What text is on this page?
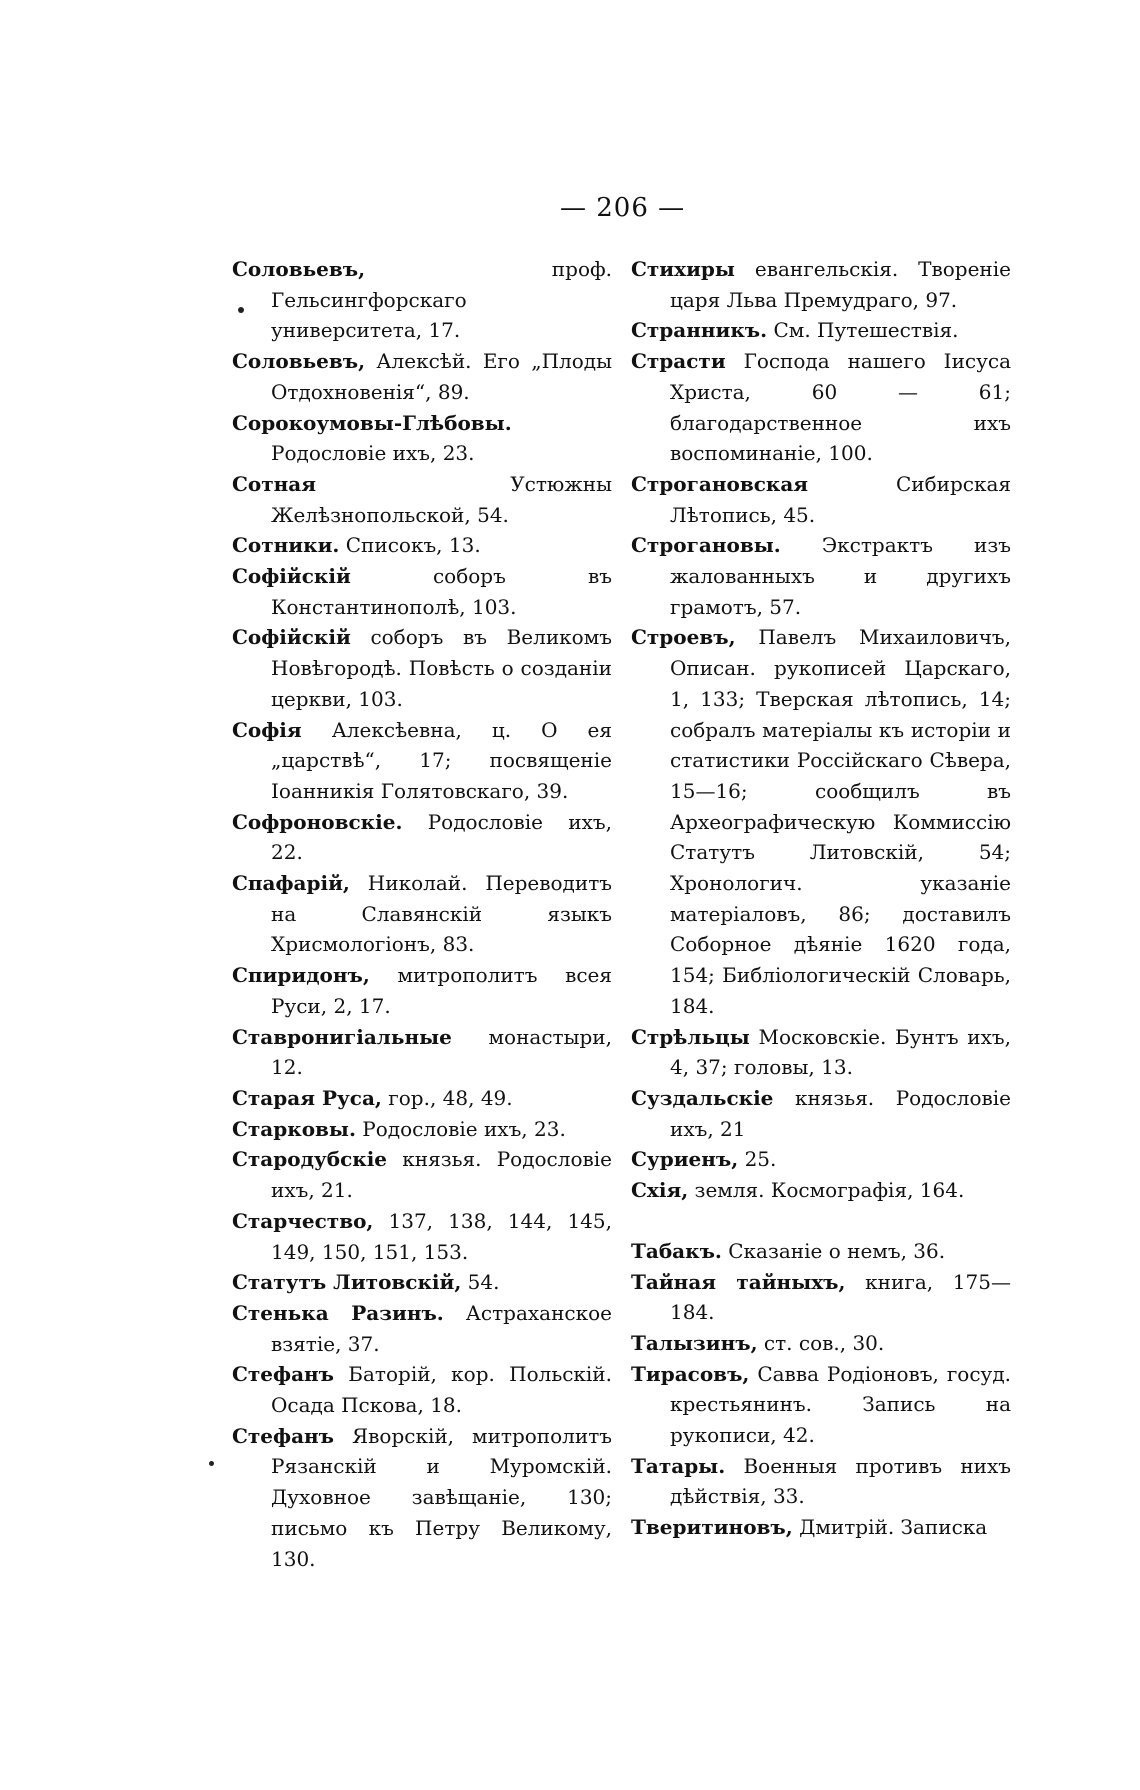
— 206 —

Соловьевъ, проф. Гельсингфорскаго университета, 17.

Соловьевъ, Алексѣй. Его „Плоды Отдохновенія“, 89.

Сорокоумовы-Глѣбовы. Родословіе ихъ, 23.

Сотная Устюжны Желѣзнопольской, 54.

Сотники. Списокъ, 13.

Софійскій соборъ въ Константинополѣ, 103.

Софійскій соборъ въ Великомъ Новѣгородѣ. Повѣсть о созданіи церкви, 103.

Софія Алексѣевна, ц. О ея „царствѣ“, 17; посвященіе Іоанникія Голятовскаго, 39.

Софроновскіе. Родословіе ихъ, 22.

Спафарій, Николай. Переводитъ на Славянскій языкъ Хрисмологіонъ, 83.

Спиридонъ, митрополитъ всея Руси, 2, 17.

Ставронигіальные монастыри, 12.

Старая Руса, гор., 48, 49.

Старковы. Родословіе ихъ, 23.

Стародубскіе князья. Родословіе ихъ, 21.

Старчество, 137, 138, 144, 145, 149, 150, 151, 153.

Статутъ Литовскій, 54.

Стенька Разинъ. Астраханское взятіе, 37.

Стефанъ Баторій, кор. Польскій. Осада Пскова, 18.

Стефанъ Яворскій, митрополитъ Рязанскій и Муромскій. Духовное завѣщаніе, 130; письмо къ Петру Великому, 130.

Стихиры евангельскія. Твореніе царя Льва Премудраго, 97.

Странникъ. См. Путешествія.

Страсти Господа нашего Іисуса Христа, 60 — 61; благодарственное ихъ воспоминаніе, 100.

Строгановская Сибирская Лѣтопись, 45.

Строгановы. Экстрактъ изъ жалованныхъ и другихъ грамотъ, 57.

Строевъ, Павелъ Михаиловичъ, Описан. рукописей Царскаго, 1, 133; Тверская лѣтопись, 14; собралъ матеріалы къ исторіи и статистики Россійскаго Сѣвера, 15—16; сообщилъ въ Археографическую Коммиссію Статутъ Литовскій, 54; Хронологич. указаніе матеріаловъ, 86; доставилъ Соборное дѣяніе 1620 года, 154; Библіологическій Словарь, 184.

Стрѣльцы Московскіе. Бунтъ ихъ, 4, 37; головы, 13.

Суздальскіе князья. Родословіе ихъ, 21

Суриенъ, 25.

Схія, земля. Космографія, 164.

Табакъ. Сказаніе о немъ, 36.

Тайная тайныхъ, книга, 175—184.

Талызинъ, ст. сов., 30.

Тирасовъ, Савва Родіоновъ, госуд. крестьянинъ. Запись на рукописи, 42.

Татары. Военныя противъ нихъ дѣйствія, 33.

Тверитиновъ, Дмитрій. Записка
